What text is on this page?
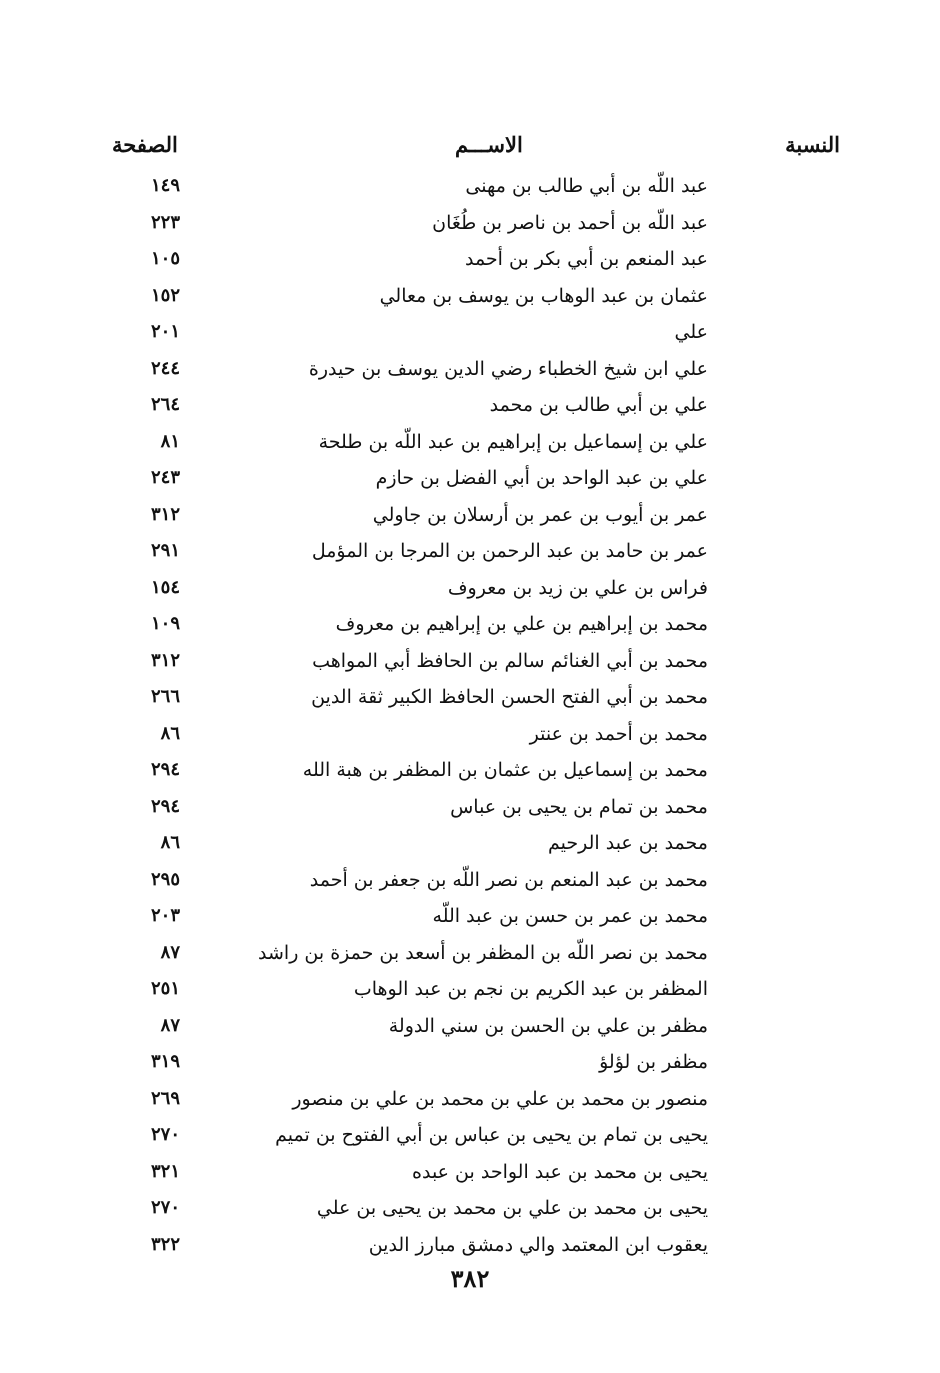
النسبة
الاســـم
الصفحة
عبد اللّه بن أبي طالب بن مهنى
١٤٩
عبد اللّه بن أحمد بن ناصر بن طُغَان
٢٢٣
عبد المنعم بن أبي بكر بن أحمد
١٠٥
عثمان بن عبد الوهاب بن يوسف بن معالي
١٥٢
علي
٢٠١
علي ابن شيخ الخطباء رضي الدين يوسف بن حيدرة
٢٤٤
علي بن أبي طالب بن محمد
٢٦٤
علي بن إسماعيل بن إبراهيم بن عبد اللّه بن طلحة
٨١
علي بن عبد الواحد بن أبي الفضل بن حازم
٢٤٣
عمر بن أيوب بن عمر بن أرسلان بن جاولي
٣١٢
عمر بن حامد بن عبد الرحمن بن المرجا بن المؤمل
٢٩١
فراس بن علي بن زيد بن معروف
١٥٤
محمد بن إبراهيم بن علي بن إبراهيم بن معروف
١٠٩
محمد بن أبي الغنائم سالم بن الحافظ أبي المواهب
٣١٢
محمد بن أبي الفتح الحسن الحافظ الكبير ثقة الدين
٢٦٦
محمد بن أحمد بن عنتر
٨٦
محمد بن إسماعيل بن عثمان بن المظفر بن هبة الله
٢٩٤
محمد بن تمام بن يحيى بن عباس
٢٩٤
محمد بن عبد الرحيم
٨٦
محمد بن عبد المنعم بن نصر اللّه بن جعفر بن أحمد
٢٩٥
محمد بن عمر بن حسن بن عبد اللّه
٢٠٣
محمد بن نصر اللّه بن المظفر بن أسعد بن حمزة بن راشد
٨٧
المظفر بن عبد الكريم بن نجم بن عبد الوهاب
٢٥١
مظفر بن علي بن الحسن بن سني الدولة
٨٧
مظفر بن لؤلؤ
٣١٩
منصور بن محمد بن علي بن محمد بن علي بن منصور
٢٦٩
يحيى بن تمام بن يحيى بن عباس بن أبي الفتوح بن تميم
٢٧٠
يحيى بن محمد بن عبد الواحد بن عبده
٣٢١
يحيى بن محمد بن علي بن محمد بن يحيى بن علي
٢٧٠
يعقوب ابن المعتمد والي دمشق مبارز الدين
٣٢٢
٣٨٢
